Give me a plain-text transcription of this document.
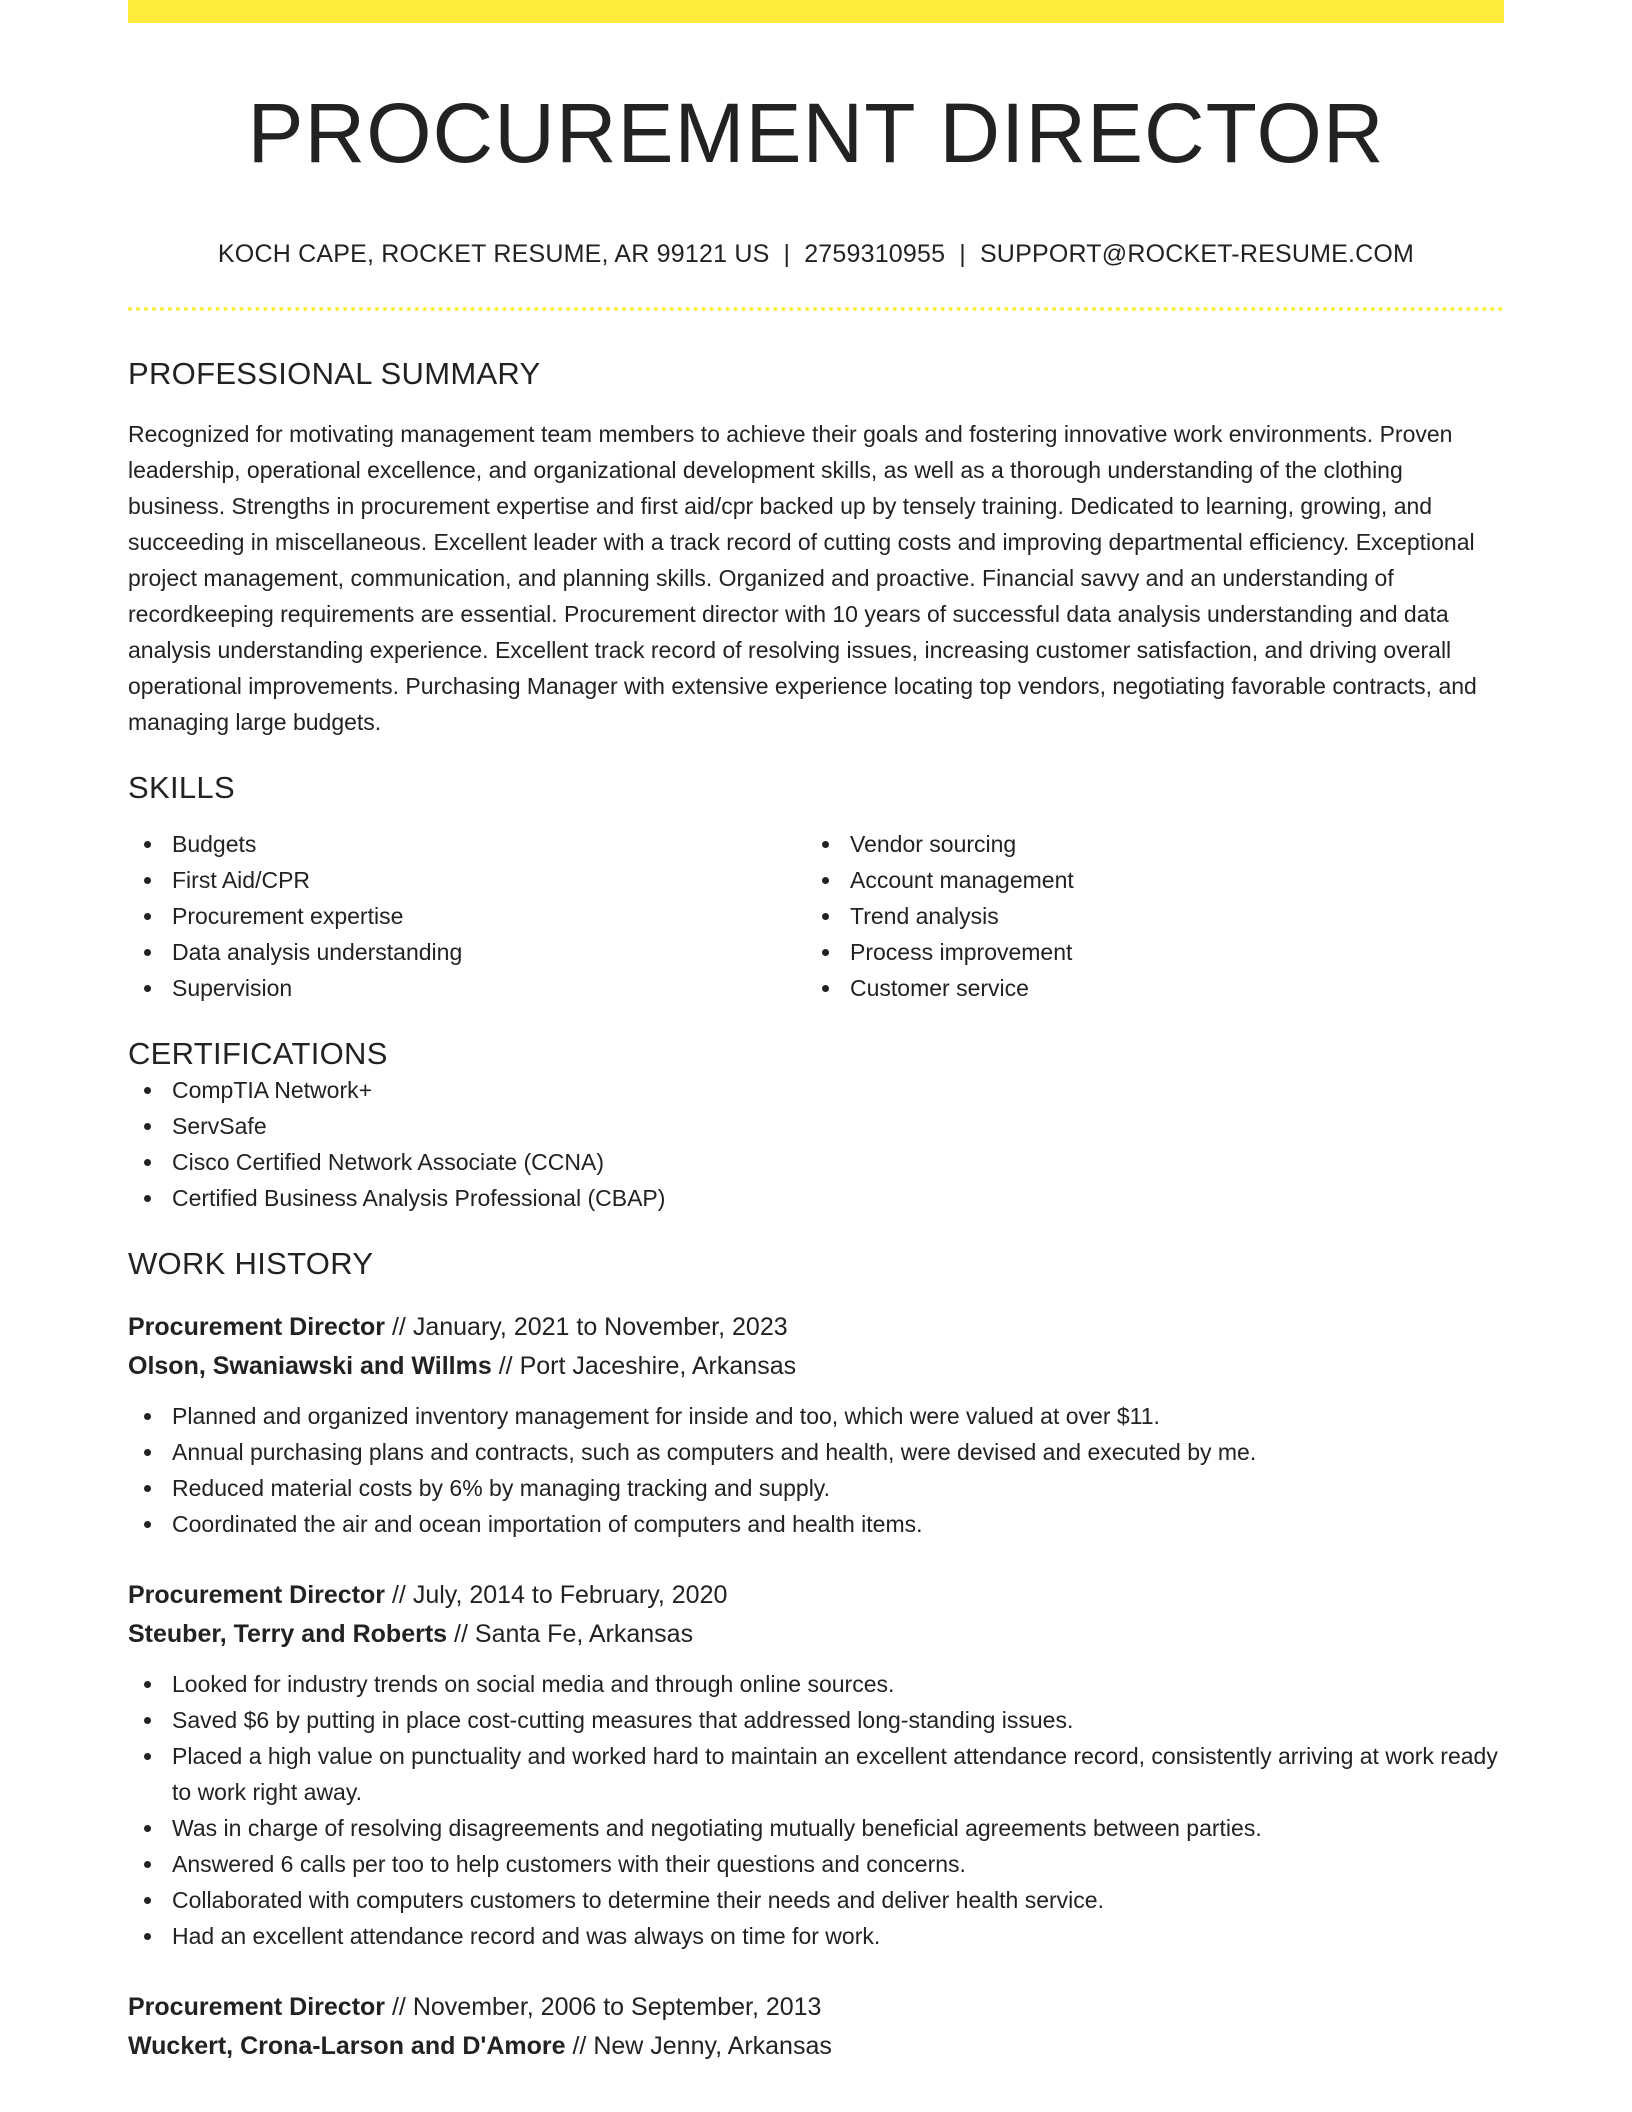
PROCUREMENT DIRECTOR
KOCH CAPE, ROCKET RESUME, AR 99121 US | 2759310955 | SUPPORT@ROCKET-RESUME.COM
PROFESSIONAL SUMMARY
Recognized for motivating management team members to achieve their goals and fostering innovative work environments. Proven leadership, operational excellence, and organizational development skills, as well as a thorough understanding of the clothing business. Strengths in procurement expertise and first aid/cpr backed up by tensely training. Dedicated to learning, growing, and succeeding in miscellaneous. Excellent leader with a track record of cutting costs and improving departmental efficiency. Exceptional project management, communication, and planning skills. Organized and proactive. Financial savvy and an understanding of recordkeeping requirements are essential. Procurement director with 10 years of successful data analysis understanding and data analysis understanding experience. Excellent track record of resolving issues, increasing customer satisfaction, and driving overall operational improvements. Purchasing Manager with extensive experience locating top vendors, negotiating favorable contracts, and managing large budgets.
SKILLS
Budgets
First Aid/CPR
Procurement expertise
Data analysis understanding
Supervision
Vendor sourcing
Account management
Trend analysis
Process improvement
Customer service
CERTIFICATIONS
CompTIA Network+
ServSafe
Cisco Certified Network Associate (CCNA)
Certified Business Analysis Professional (CBAP)
WORK HISTORY
Procurement Director // January, 2021 to November, 2023
Olson, Swaniawski and Willms // Port Jaceshire, Arkansas
Planned and organized inventory management for inside and too, which were valued at over $11.
Annual purchasing plans and contracts, such as computers and health, were devised and executed by me.
Reduced material costs by 6% by managing tracking and supply.
Coordinated the air and ocean importation of computers and health items.
Procurement Director // July, 2014 to February, 2020
Steuber, Terry and Roberts // Santa Fe, Arkansas
Looked for industry trends on social media and through online sources.
Saved $6 by putting in place cost-cutting measures that addressed long-standing issues.
Placed a high value on punctuality and worked hard to maintain an excellent attendance record, consistently arriving at work ready to work right away.
Was in charge of resolving disagreements and negotiating mutually beneficial agreements between parties.
Answered 6 calls per too to help customers with their questions and concerns.
Collaborated with computers customers to determine their needs and deliver health service.
Had an excellent attendance record and was always on time for work.
Procurement Director // November, 2006 to September, 2013
Wuckert, Crona-Larson and D'Amore // New Jenny, Arkansas
